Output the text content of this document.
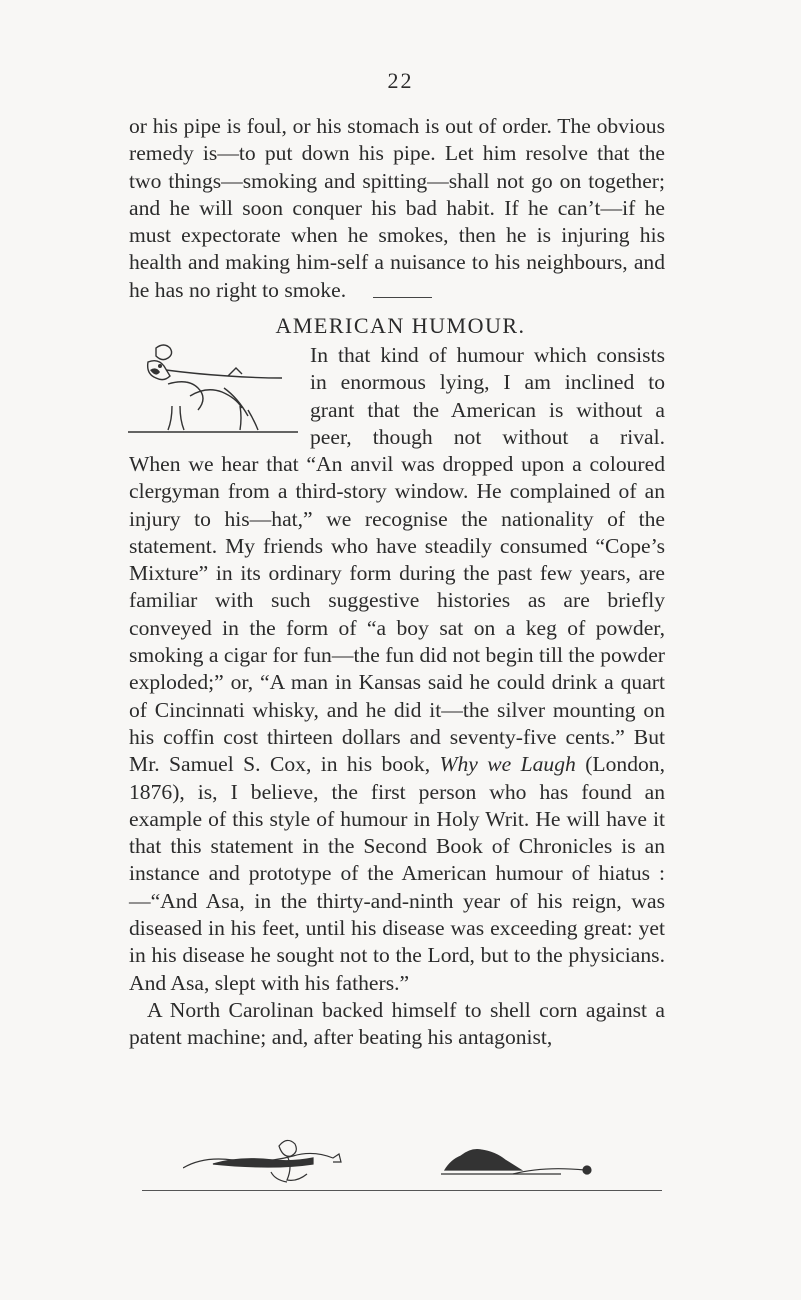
22

or his pipe is foul, or his stomach is out of order. The obvious remedy is—to put down his pipe. Let him resolve that the two things—smoking and spitting—shall not go on together; and he will soon conquer his bad habit. If he can’t—if he must expectorate when he smokes, then he is injuring his health and making him-self a nuisance to his neighbours, and he has no right to smoke.

AMERICAN HUMOUR.
In that kind of humour which consists
in enormous lying, I am inclined to
grant that the American is without a
peer, though not without a rival.

When we hear that “An anvil was dropped upon a coloured clergyman from a third-story window. He complained of an injury to his—hat,” we recognise the nationality of the statement. My friends who have steadily consumed “Cope’s Mixture” in its ordinary form during the past few years, are familiar with such suggestive histories as are briefly conveyed in the form of “a boy sat on a keg of powder, smoking a cigar for fun—the fun did not begin till the powder exploded;” or, “A man in Kansas said he could drink a quart of Cincinnati whisky, and he did it—the silver mounting on his coffin cost thirteen dollars and seventy-five cents.” But Mr. Samuel S. Cox, in his book, Why we Laugh (London, 1876), is, I believe, the first person who has found an example of this style of humour in Holy Writ. He will have it that this statement in the Second Book of Chronicles is an instance and prototype of the American humour of hiatus :—“And Asa, in the thirty-and-ninth year of his reign, was diseased in his feet, until his disease was exceeding great: yet in his disease he sought not to the Lord, but to the physicians. And Asa, slept with his fathers.”

A North Carolinan backed himself to shell corn against a patent machine; and, after beating his antagonist,
